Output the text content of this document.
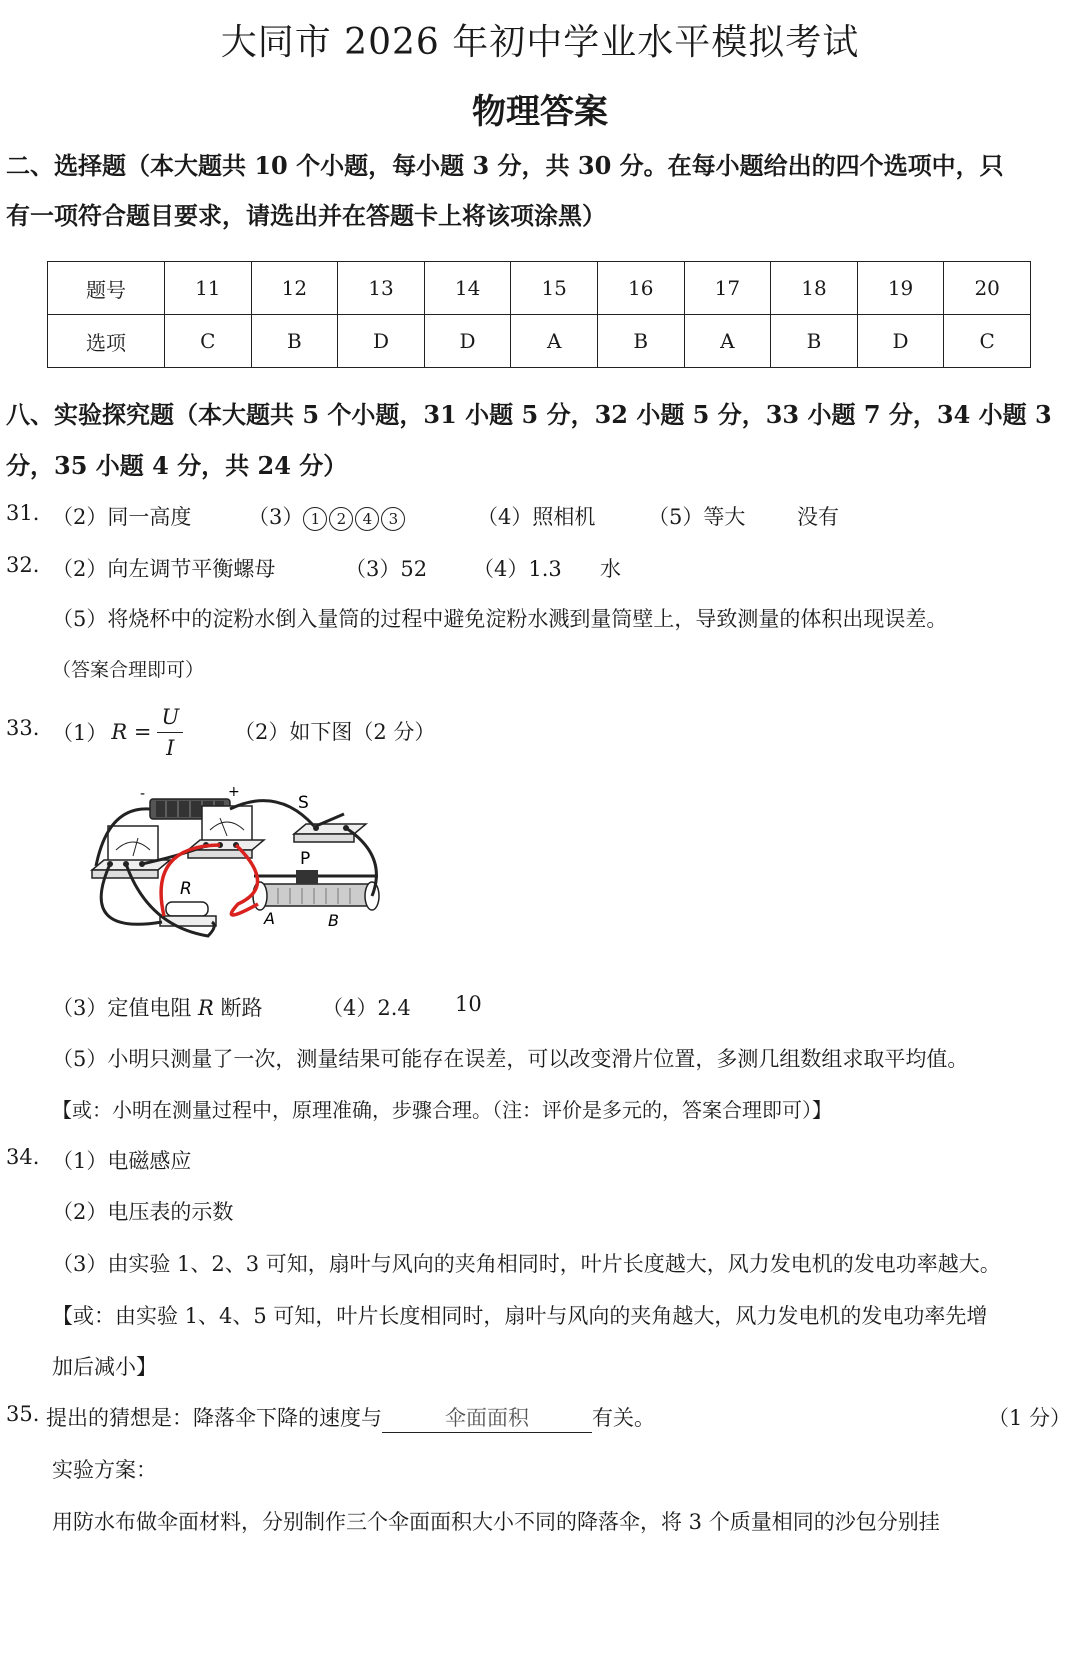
大同市 2026 年初中学业水平模拟考试
物理答案
二、选择题（本大题共 10 个小题，每小题 3 分，共 30 分。在每小题给出的四个选项中，只
有一项符合题目要求，请选出并在答题卡上将该项涂黑）
题号	11	12	13	14	15	16	17	18	19	20
选项	C	B	D	D	A	B	A	B	D	C
八、实验探究题（本大题共 5 个小题，31 小题 5 分，32 小题 5 分，33 小题 7 分，34 小题 3
分，35 小题 4 分，共 24 分）
31. （2）同一高度	（3） 1 2 4 3	（4）照相机	（5）等大 没有
32. （2）向左调节平衡螺母	（3）52 （4）1.3 水
（5）将烧杯中的淀粉水倒入量筒的过程中避免淀粉水溅到量筒壁上，导致测量的体积出现误差。
（答案合理即可）
33. （1） $R = \frac{U}{I} (2)$如下图（2 分）
-	+
S
R
P
A	B
（3）定值电阻 R 断路	（4）2.4 10
（5）小明只测量了一次，测量结果可能存在误差，可以改变滑片位置，多测几组数组求取平均值。
【或：小明在测量过程中，原理准确，步骤合理。（注：评价是多元的，答案合理即可）】
34. （1）电磁感应
（2）电压表的示数
（3）由实验 1、2、3 可知，扇叶与风向的夹角相同时，叶片长度越大，风力发电机的发电功率越大。
【或：由实验 1、4、5 可知，叶片长度相同时，扇叶与风向的夹角越大，风力发电机的发电功率先增
加后减小】
35. 提出的猜想是：降落伞下降的速度与	伞面面积	有关。	（1 分）
实验方案：
用防水布做伞面材料，分别制作三个伞面面积大小不同的降落伞，将 3 个质量相同的沙包分别挂
